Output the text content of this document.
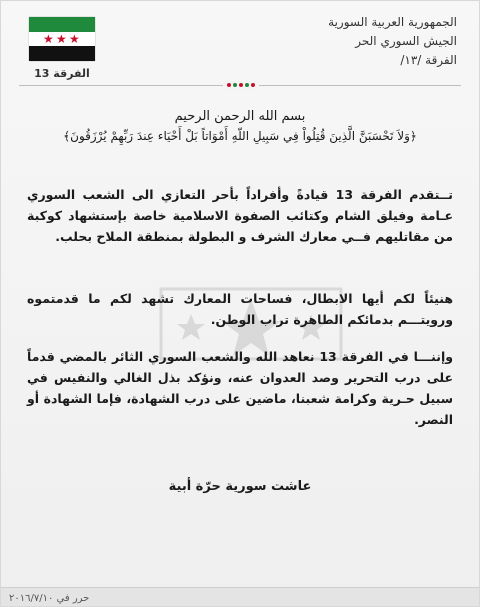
الجمهورية العربية السورية
الجيش السوري الحر
الفرقة /١٣/
★ ★ ★
الفرقة 13
بسم الله الرحمن الرحيم
﴿وَلاَ تَحْسَبَنَّ الَّذِينَ قُتِلُواْ فِي سَبِيلِ اللّهِ أَمْوَاتاً بَلْ أَحْيَاء عِندَ رَبِّهِمْ يُرْزَقُونَ﴾
تــتقدم الفرقة 13 قيادةً وأفراداً بأحر التعازي الى الشعب السوري عـامة وفيلق الشام وكتائب الصفوة الاسلامية خاصة بإستشهاد كوكبة من مقاتليهم فــي معارك الشرف و البطولة بمنطقة الملاح بحلب.
هنيئاً لكم أيها الابطال، فساحات المعارك تشهد لكم ما قدمتموه ورويتـــم بدمائكم الطاهرة تراب الوطن.
وإننـــا في الفرقة 13 نعاهد الله والشعب السوري الثائر بالمضي قدماً على درب التحرير وصد العدوان عنه، ونؤكد بذل الغالي والنفيس في سبيل حـرية وكرامة شعبنا، ماضين على درب الشهادة، فإما الشهادة أو النصر.
عاشت سورية حرّة أبية
حرر في ٢٠١٦/٧/١٠
